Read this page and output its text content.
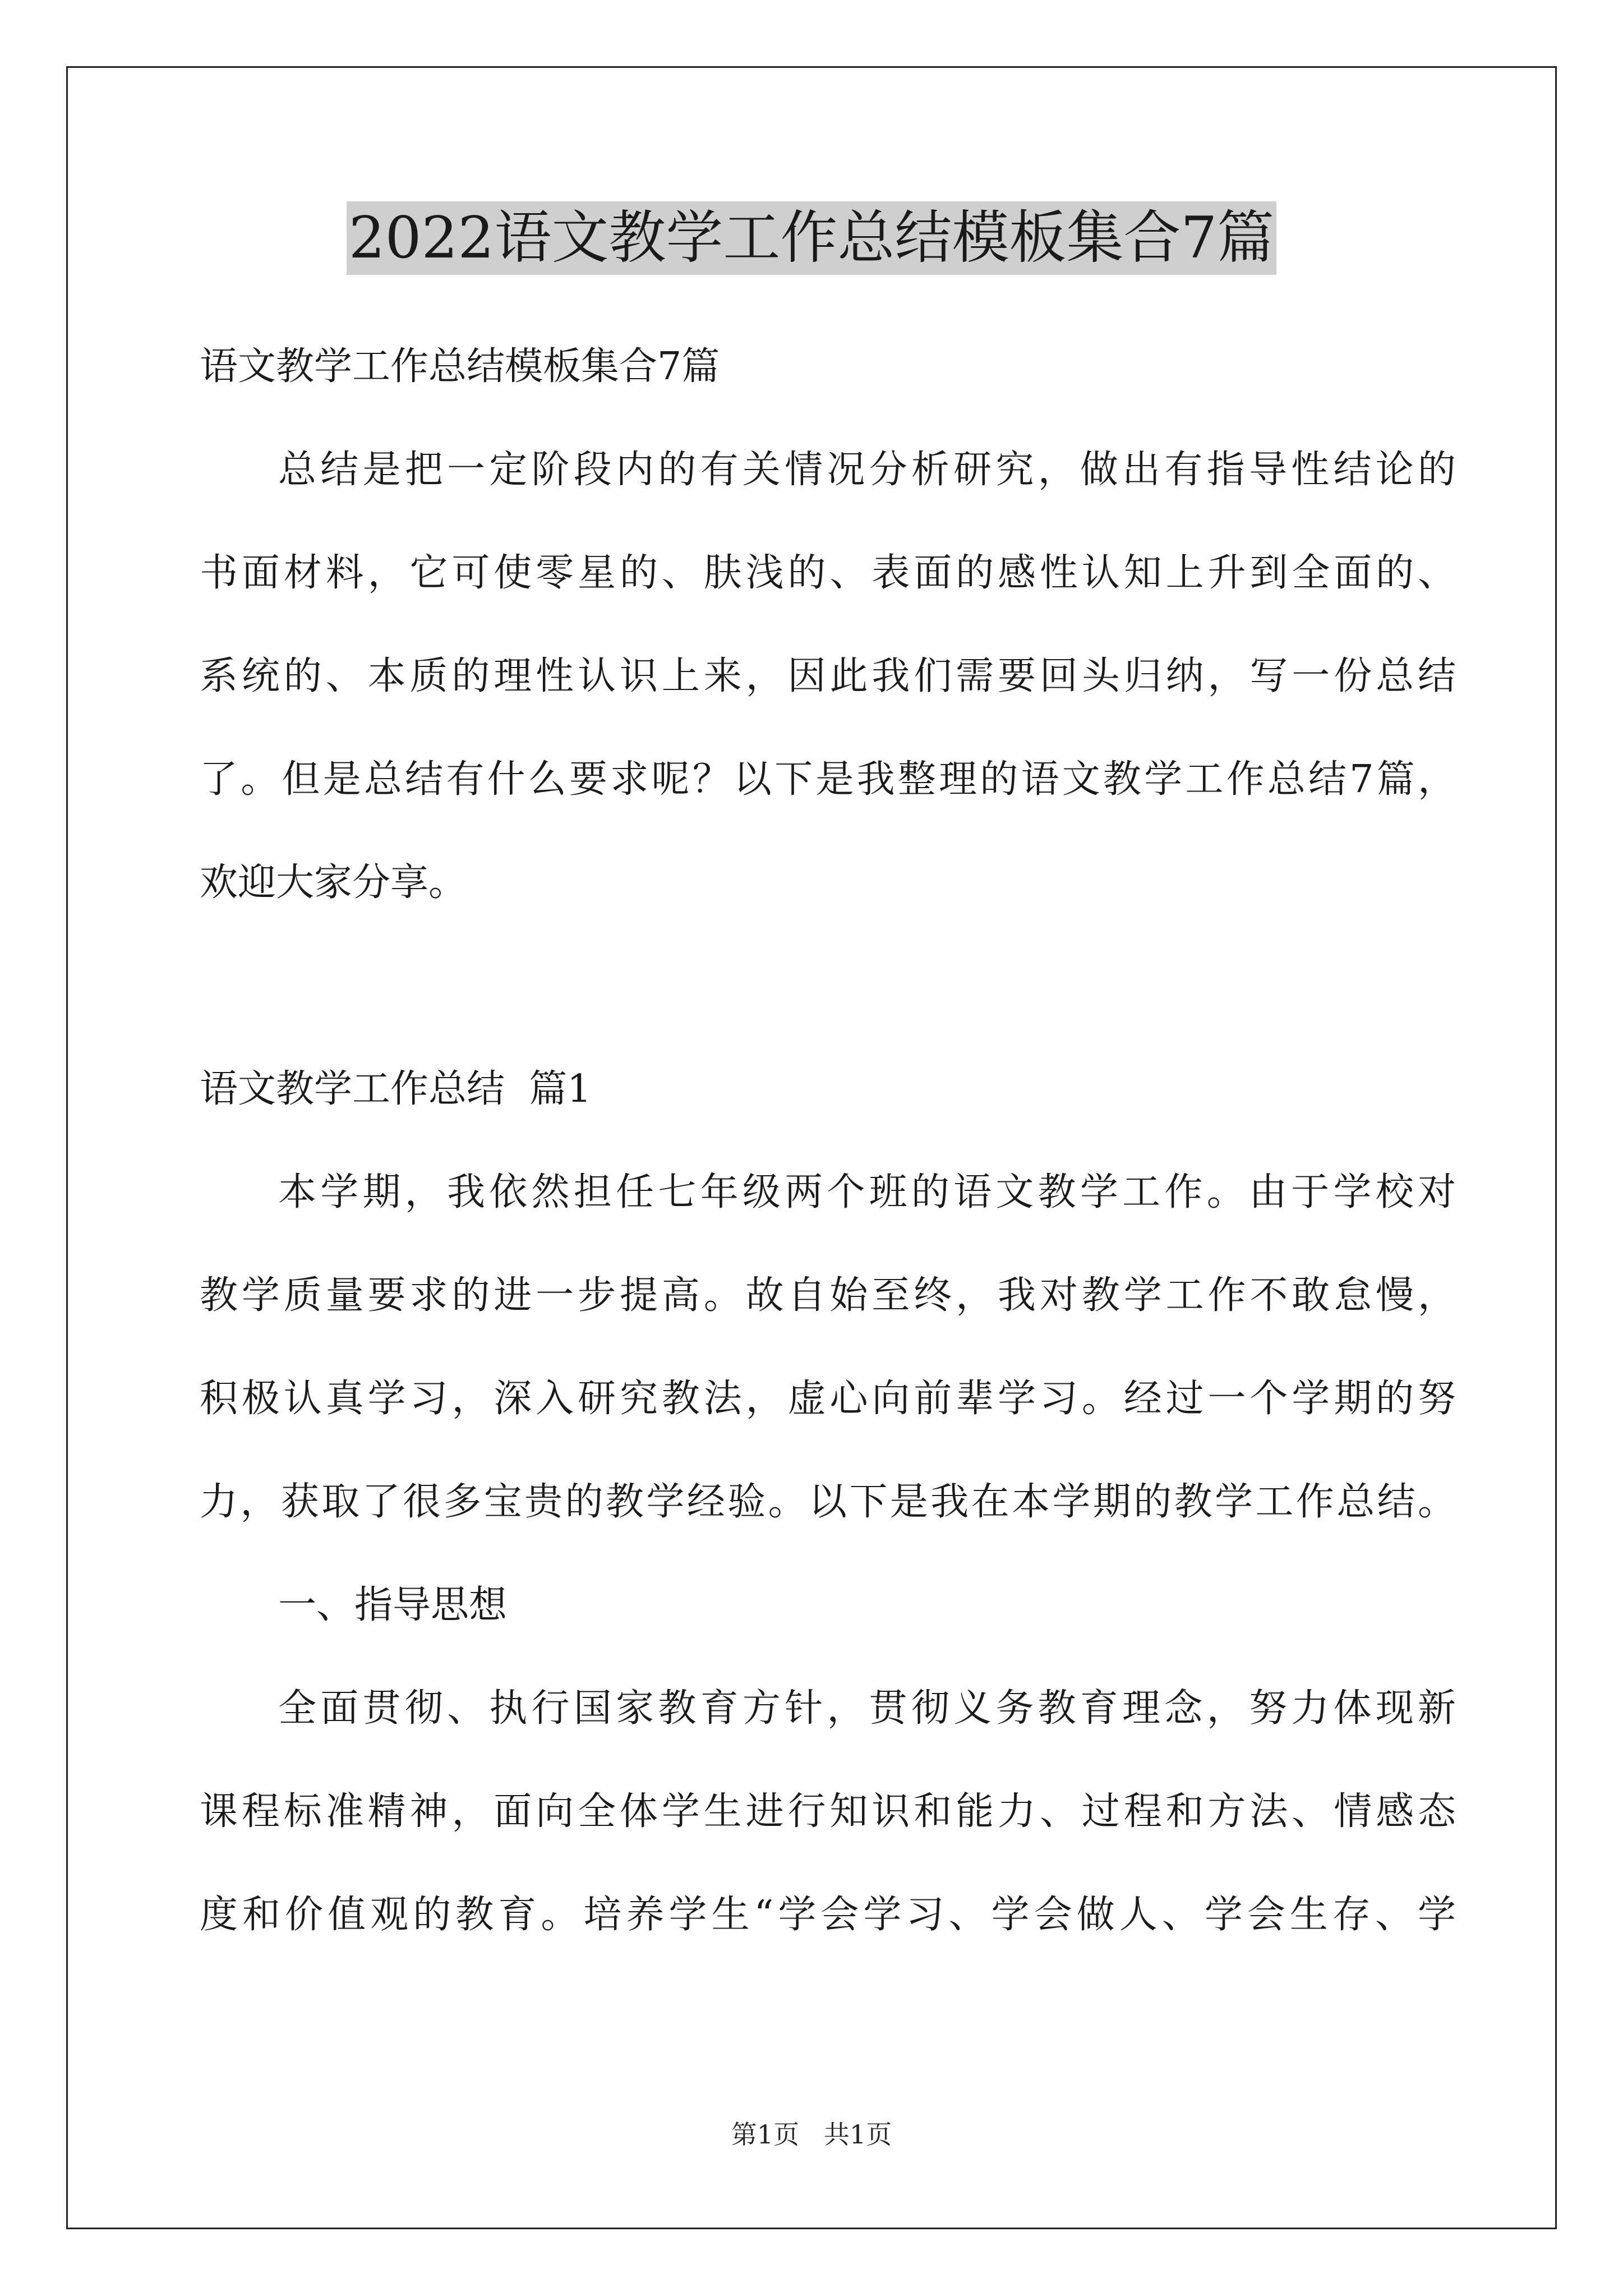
2022语文教学工作总结模板集合7篇
语文教学工作总结模板集合7篇
总结是把一定阶段内的有关情况分析研究，做出有指导性结论的
书面材料，它可使零星的、肤浅的、表面的感性认知上升到全面的、
系统的、本质的理性认识上来，因此我们需要回头归纳，写一份总结
了。但是总结有什么要求呢？以下是我整理的语文教学工作总结7篇，
欢迎大家分享。
语文教学工作总结  篇1
本学期，我依然担任七年级两个班的语文教学工作。由于学校对
教学质量要求的进一步提高。故自始至终，我对教学工作不敢怠慢，
积极认真学习，深入研究教法，虚心向前辈学习。经过一个学期的努
力，获取了很多宝贵的教学经验。以下是我在本学期的教学工作总结。
一、指导思想
全面贯彻、执行国家教育方针，贯彻义务教育理念，努力体现新
课程标准精神，面向全体学生进行知识和能力、过程和方法、情感态
度和价值观的教育。培养学生“学会学习、学会做人、学会生存、学
第1页   共1页
